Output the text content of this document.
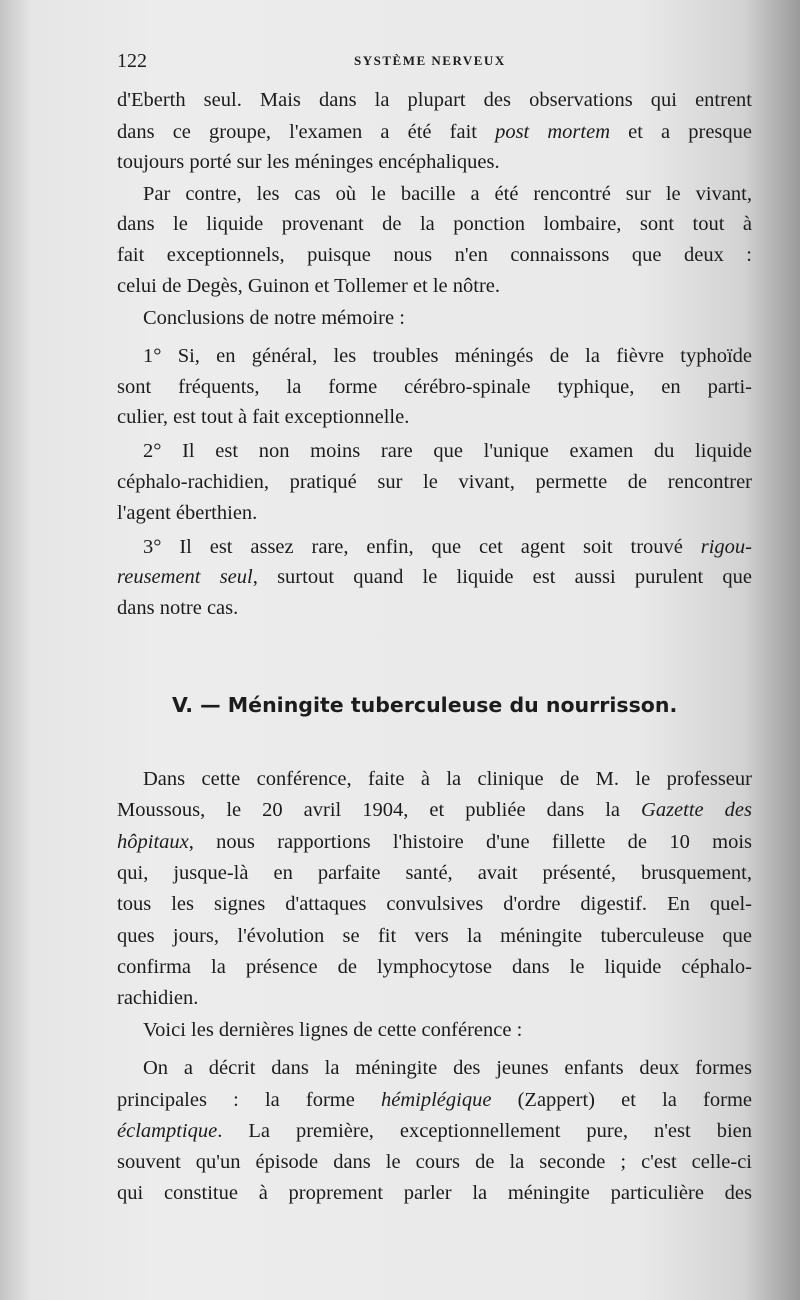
122	SYSTÈME NERVEUX
d'Eberth seul. Mais dans la plupart des observations qui entrent
dans ce groupe, l'examen a été fait post mortem et a presque
toujours porté sur les méninges encéphaliques.
Par contre, les cas où le bacille a été rencontré sur le vivant,
dans le liquide provenant de la ponction lombaire, sont tout à
fait exceptionnels, puisque nous n'en connaissons que deux :
celui de Degès, Guinon et Tollemer et le nôtre.
Conclusions de notre mémoire :
1° Si, en général, les troubles méningés de la fièvre typhoïde
sont fréquents, la forme cérébro-spinale typhique, en parti-
culier, est tout à fait exceptionnelle.
2° Il est non moins rare que l'unique examen du liquide
céphalo-rachidien, pratiqué sur le vivant, permette de rencontrer
l'agent éberthien.
3° Il est assez rare, enfin, que cet agent soit trouvé rigou-
reusement seul, surtout quand le liquide est aussi purulent que
dans notre cas.
V. — Méningite tuberculeuse du nourrisson.
Dans cette conférence, faite à la clinique de M. le professeur
Moussous, le 20 avril 1904, et publiée dans la Gazette des
hôpitaux, nous rapportions l'histoire d'une fillette de 10 mois
qui, jusque-là en parfaite santé, avait présenté, brusquement,
tous les signes d'attaques convulsives d'ordre digestif. En quel-
ques jours, l'évolution se fit vers la méningite tuberculeuse que
confirma la présence de lymphocytose dans le liquide céphalo-
rachidien.
Voici les dernières lignes de cette conférence :
On a décrit dans la méningite des jeunes enfants deux formes
principales : la forme hémiplégique (Zappert) et la forme
éclamptique. La première, exceptionnellement pure, n'est bien
souvent qu'un épisode dans le cours de la seconde ; c'est celle-ci
qui constitue à proprement parler la méningite particulière des
